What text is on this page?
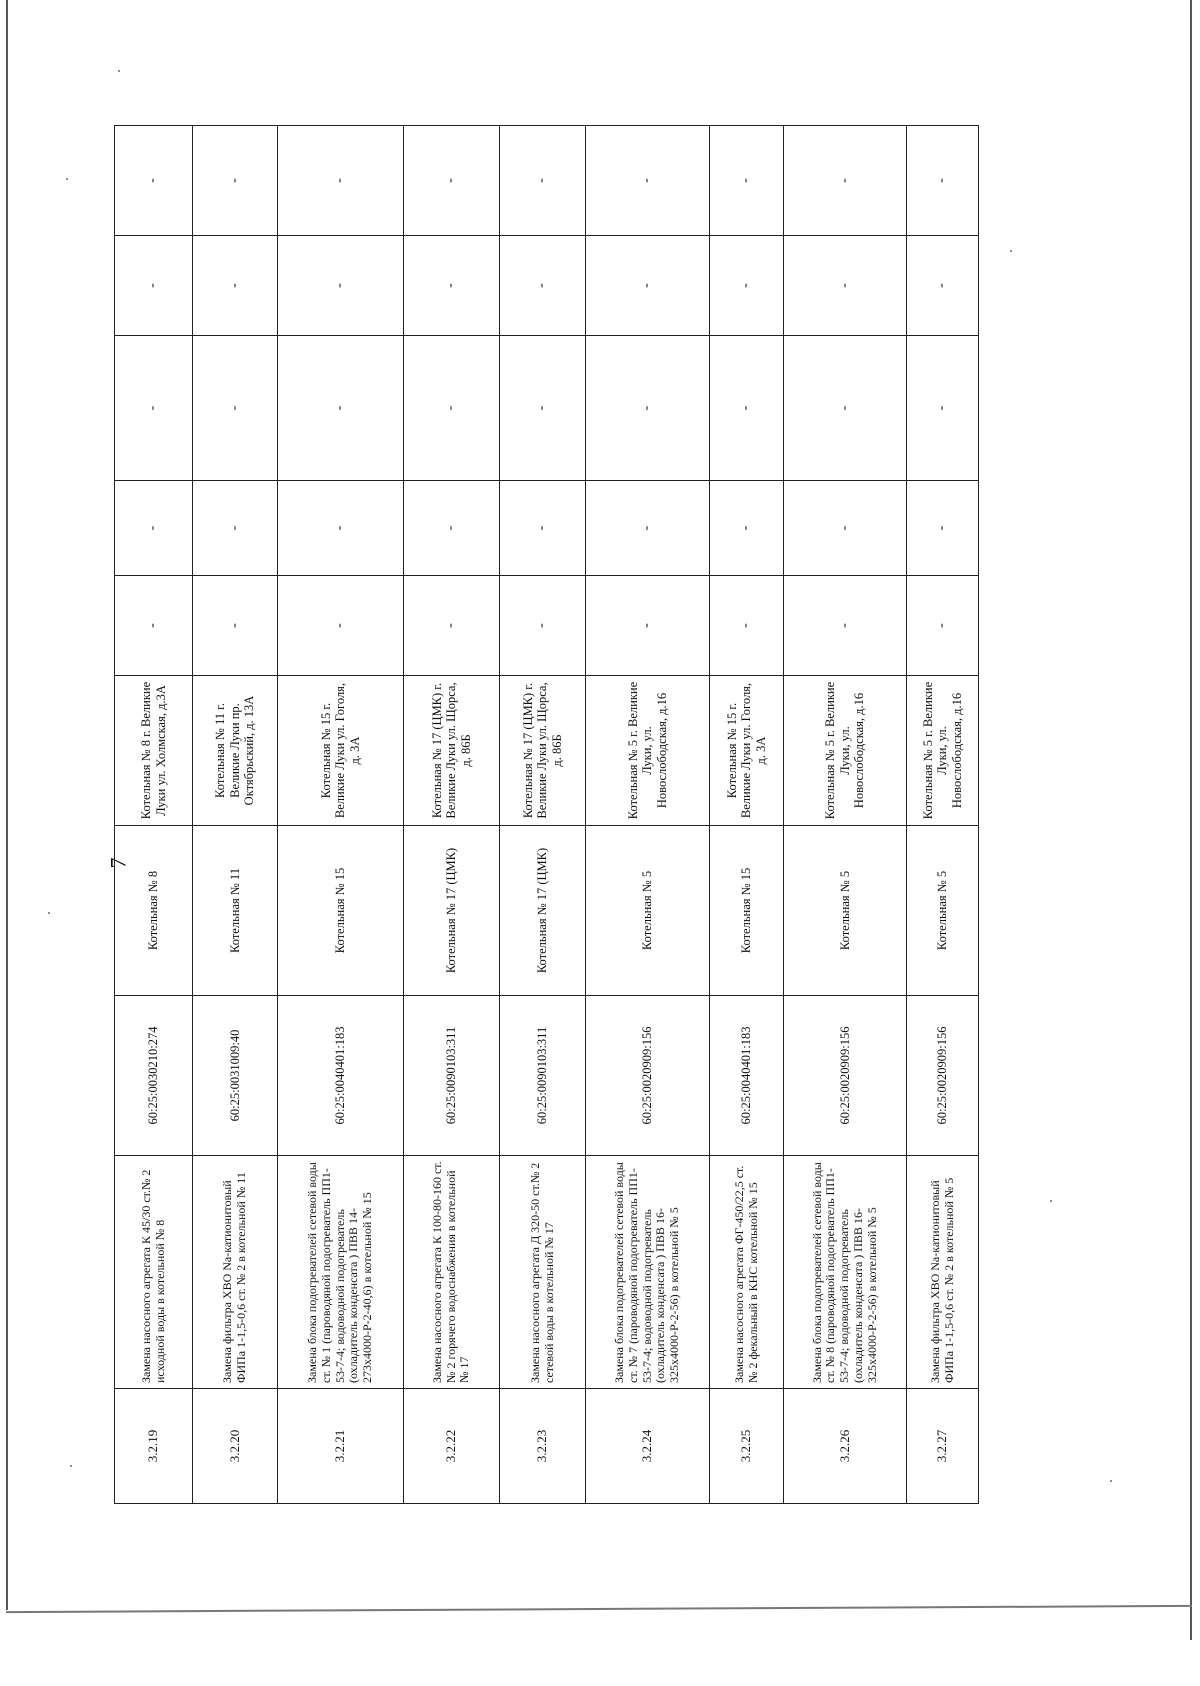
7
3.2.19	Замена насосного агрегата К 45/30 ст.№ 2 исходной воды в котельной № 8	60:25:0030210:274	Котельная № 8	Котельная № 8 г. Великие Луки ул. Холмская, д.3А	-	-	-	-	-
3.2.20	Замена фильтра ХВО Na-катионитовый ФИПа 1-1,5-0,6 ст. № 2 в котельной № 11	60:25:0031009:40	Котельная № 11	Котельная № 11 г. Великие Луки пр. Октябрьский, д. 13А	-	-	-	-	-
3.2.21	Замена блока подогревателей сетевой воды ст. № 1 (пароводяной подогреватель ПП1-53-7-4; водоводной подогреватель (охладитель конденсата ) ПВВ 14- 273х4000-Р-2-40,6) в котельной № 15	60:25:0040401:183	Котельная № 15	Котельная № 15 г. Великие Луки ул. Гоголя, д. 3А	-	-	-	-	-
3.2.22	Замена насосного агрегата К 100-80-160 ст. № 2 горячего водоснабжения в котельной № 17	60:25:0090103:311	Котельная № 17 (ЦМК)	Котельная № 17 (ЦМК) г. Великие Луки ул. Щорса, д. 86Б	-	-	-	-	-
3.2.23	Замена насосного агрегата Д 320-50 ст.№ 2 сетевой воды в котельной № 17	60:25:0090103:311	Котельная № 17 (ЦМК)	Котельная № 17 (ЦМК) г. Великие Луки ул. Щорса, д. 86Б	-	-	-	-	-
3.2.24	Замена блока подогревателей сетевой воды ст. № 7 (пароводяной подогреватель ПП1-53-7-4; водоводной подогреватель (охладитель конденсата ) ПВВ 16-325х4000-Р-2-56) в котельной № 5	60:25:0020909:156	Котельная № 5	Котельная № 5 г. Великие Луки, ул. Новослободская, д.16	-	-	-	-	-
3.2.25	Замена насосного агрегата ФГ-450/22,5 ст. № 2 фекальный в КНС котельной № 15	60:25:0040401:183	Котельная № 15	Котельная № 15 г. Великие Луки ул. Гоголя, д. 3А	-	-	-	-	-
3.2.26	Замена блока подогревателей сетевой воды ст. № 8 (пароводяной подогреватель ПП1-53-7-4; водоводной подогреватель (охладитель конденсата ) ПВВ 16-325х4000-Р-2-56) в котельной № 5	60:25:0020909:156	Котельная № 5	Котельная № 5 г. Великие Луки, ул. Новослободская, д.16	-	-	-	-	-
3.2.27	Замена фильтра ХВО Na-катионитовый ФИПа 1-1,5-0,6 ст. № 2 в котельной № 5	60:25:0020909:156	Котельная № 5	Котельная № 5 г. Великие Луки, ул. Новослободская, д.16	-	-	-	-	-
